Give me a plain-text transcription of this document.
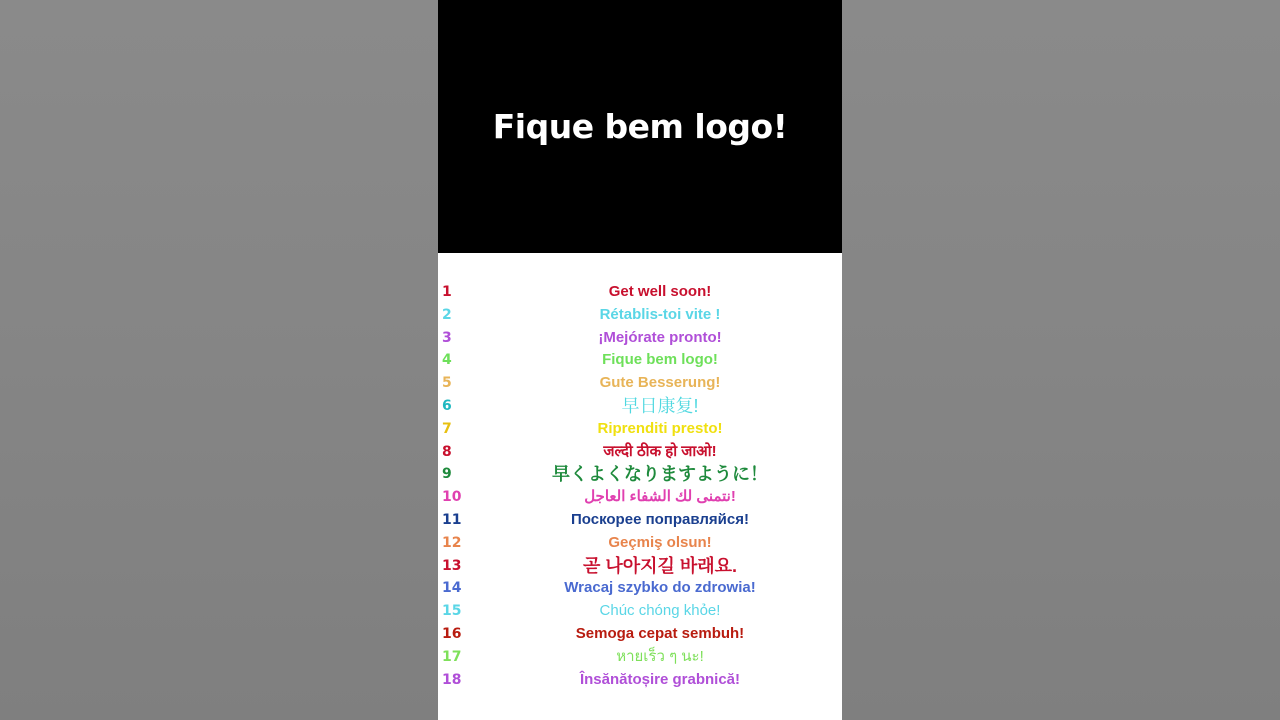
Fique bem logo!
1	Get well soon!
2	Rétablis-toi vite !
3	¡Mejórate pronto!
4	Fique bem logo!
5	Gute Besserung!
6	早日康复!
7	Riprenditi presto!
8	जल्दी ठीक हो जाओ!
9	早くよくなりますように！
10	نتمنى لك الشفاء العاجل!
11	Поскорее поправляйся!
12	Geçmiş olsun!
13	곧 나아지길 바래요.
14	Wracaj szybko do zdrowia!
15	Chúc chóng khỏe!
16	Semoga cepat sembuh!
17	หายเร็ว ๆ นะ!
18	Însănătoșire grabnică!
